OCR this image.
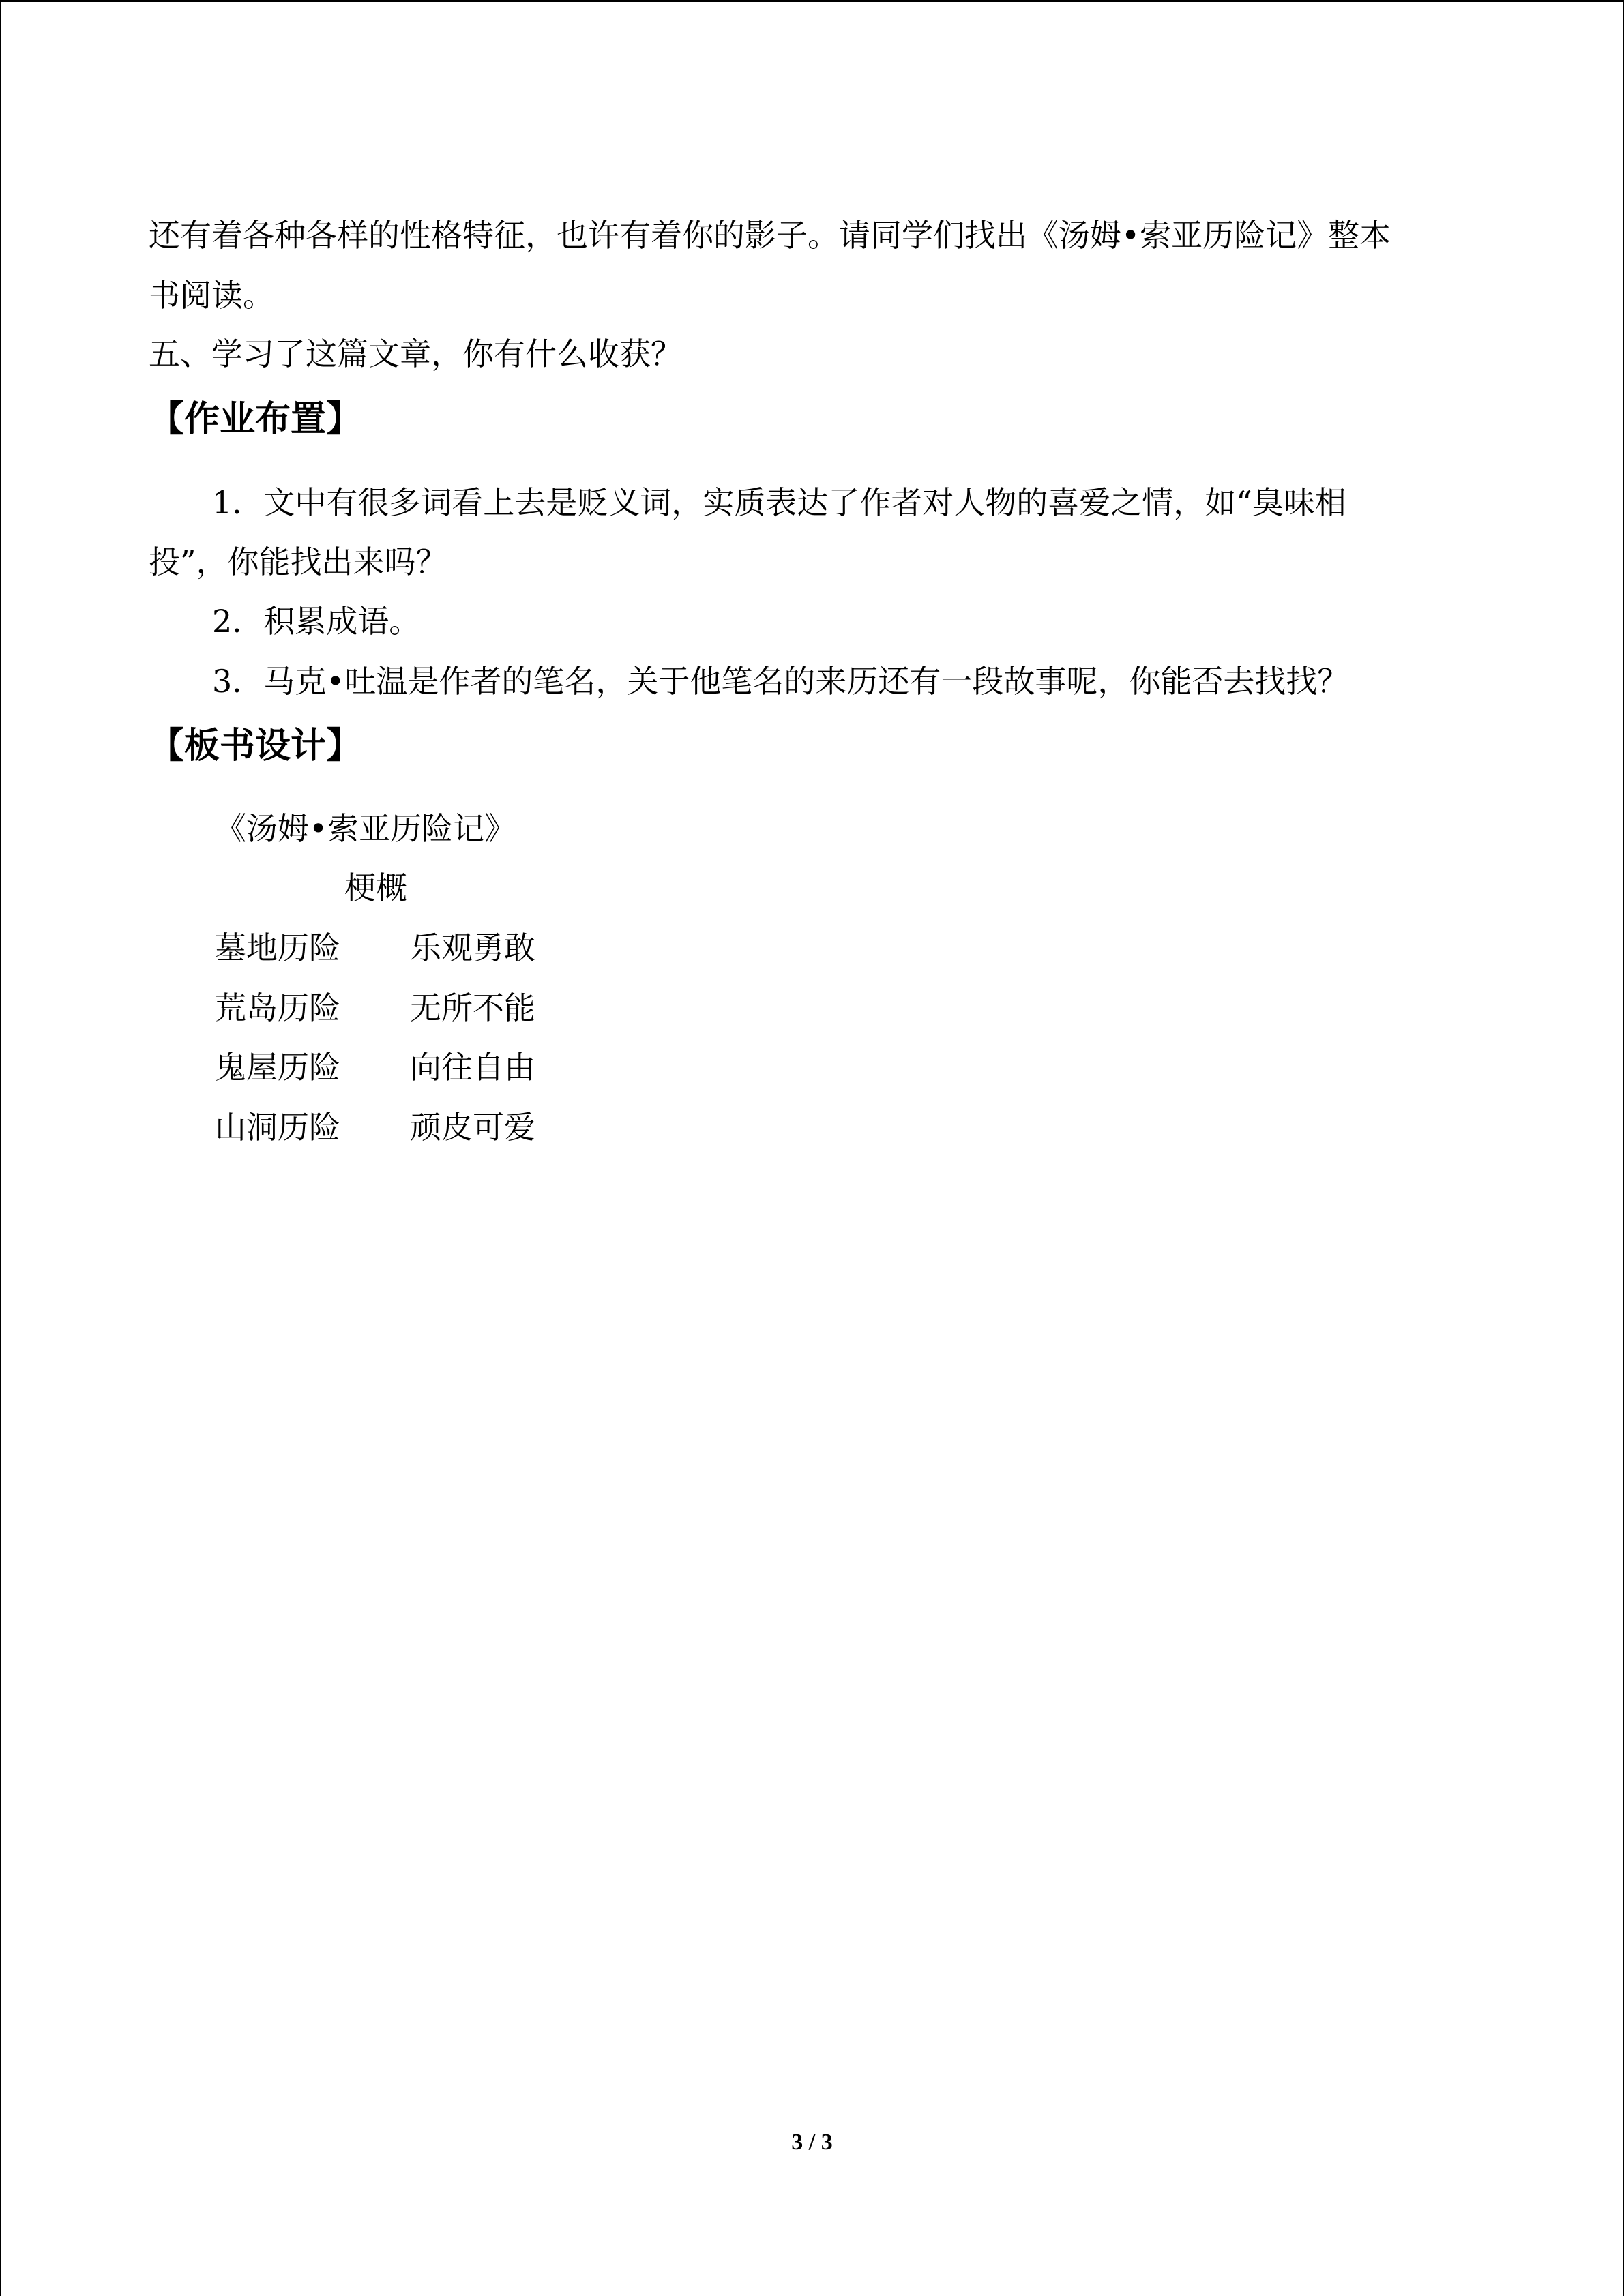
还有着各种各样的性格特征，也许有着你的影子。请同学们找出《汤姆•索亚历险记》整本
书阅读。
五、学习了这篇文章，你有什么收获？
【作业布置】
1．文中有很多词看上去是贬义词，实质表达了作者对人物的喜爱之情，如“臭味相
投”，你能找出来吗？
2．积累成语。
3．马克•吐温是作者的笔名，关于他笔名的来历还有一段故事呢，你能否去找找？
【板书设计】
《汤姆•索亚历险记》
梗概
墓地历险 乐观勇敢
荒岛历险 无所不能
鬼屋历险 向往自由
山洞历险 顽皮可爱
3 / 3
